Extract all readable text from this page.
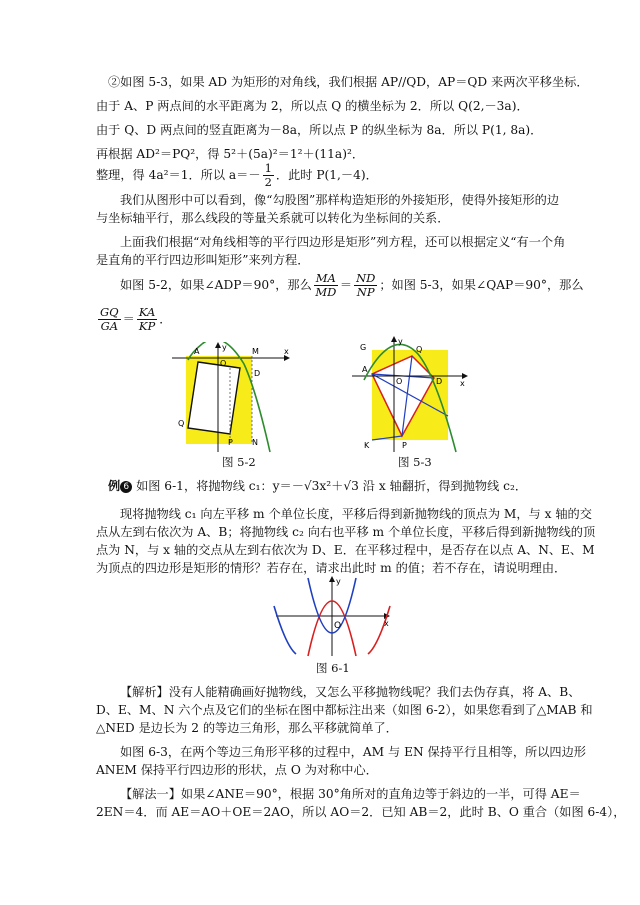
②如图 5-3，如果 AD 为矩形的对角线，我们根据 AP//QD，AP＝QD 来两次平移坐标．
由于 A、P 两点间的水平距离为 2，所以点 Q 的横坐标为 2．所以 Q(2,－3a)．
由于 Q、D 两点间的竖直距离为－8a，所以点 P 的纵坐标为 8a．所以 P(1, 8a)．
再根据 AD²＝PQ²，得 5²＋(5a)²＝1²＋(11a)²．
整理，得 4a²＝1．所以 $a=- \frac{1}{2}$ ．此时 P(1,－4)．
我们从图形中可以看到，像“勾股图”那样构造矩形的外接矩形，使得外接矩形的边
与坐标轴平行，那么线段的等量关系就可以转化为坐标间的关系．
上面我们根据“对角线相等的平行四边形是矩形”列方程，还可以根据定义“有一个角
是直角的平行四边形叫矩形”来列方程．
如图 5-2，如果∠ADP＝90°，那么 $\frac{MA}{MD} = \frac{ND}{NP}$ ；如图 5-3，如果∠QAP＝90°，那么
$\frac{GQ}{GA} = \frac{KA}{KP}$ ．
A
O
M	x
y
D
Q
P N
图 5-2
G
y
Q
A
O	x
D
K	P
图 5-3
例 6 如图 6-1，将抛物线 c₁：y＝－√3x²＋√3 沿 x 轴翻折，得到抛物线 c₂．
现将抛物线 c₁ 向左平移 m 个单位长度，平移后得到新抛物线的顶点为 M，与 x 轴的交
点从左到右依次为 A、B；将抛物线 c₂ 向右也平移 m 个单位长度，平移后得到新抛物线的顶
点为 N，与 x 轴的交点从左到右依次为 D、E．在平移过程中，是否存在以点 A、N、E、M
为顶点的四边形是矩形的情形？若存在，请求出此时 m 的值；若不存在，请说明理由．
y
x
O
图 6-1
【解析】没有人能精确画好抛物线，又怎么平移抛物线呢？我们去伪存真，将 A、B、
D、E、M、N 六个点及它们的坐标在图中都标注出来（如图 6-2），如果您看到了△MAB 和
△NED 是边长为 2 的等边三角形，那么平移就简单了．
如图 6-3，在两个等边三角形平移的过程中，AM 与 EN 保持平行且相等，所以四边形
ANEM 保持平行四边形的形状，点 O 为对称中心．
【解法一】如果∠ANE＝90°，根据 30°角所对的直角边等于斜边的一半，可得 AE＝
2EN＝4．而 AE＝AO＋OE＝2AO，所以 AO＝2．已知 AB＝2，此时 B、O 重合（如图 6-4），
